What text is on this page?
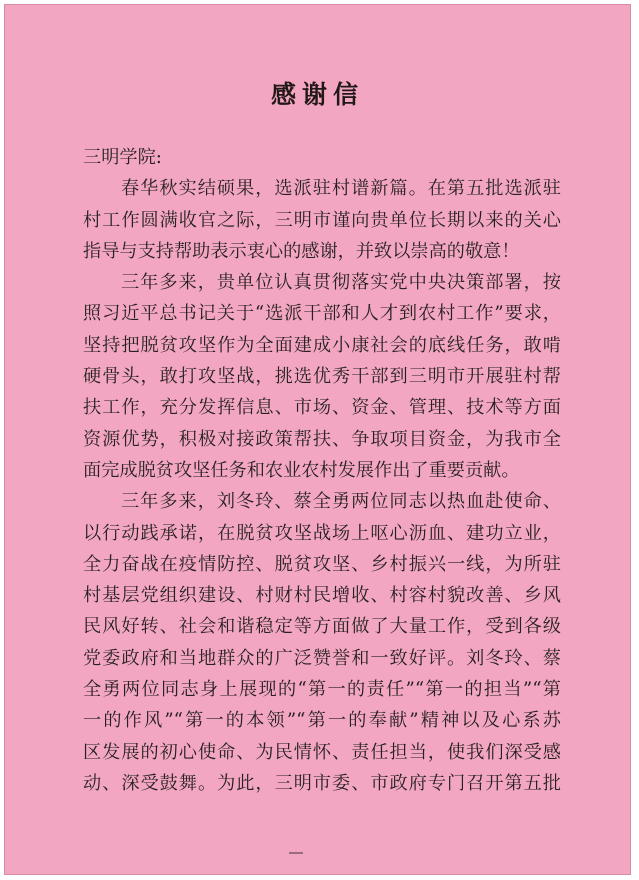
感谢信
三明学院:
春华秋实结硕果，选派驻村谱新篇。在第五批选派驻
村工作圆满收官之际，三明市谨向贵单位长期以来的关心
指导与支持帮助表示衷心的感谢，并致以崇高的敬意！
三年多来，贵单位认真贯彻落实党中央决策部署，按
照习近平总书记关于“选派干部和人才到农村工作”要求，
坚持把脱贫攻坚作为全面建成小康社会的底线任务，敢啃
硬骨头，敢打攻坚战，挑选优秀干部到三明市开展驻村帮
扶工作，充分发挥信息、市场、资金、管理、技术等方面
资源优势，积极对接政策帮扶、争取项目资金，为我市全
面完成脱贫攻坚任务和农业农村发展作出了重要贡献。
三年多来，刘冬玲、蔡全勇两位同志以热血赴使命、
以行动践承诺，在脱贫攻坚战场上呕心沥血、建功立业，
全力奋战在疫情防控、脱贫攻坚、乡村振兴一线，为所驻
村基层党组织建设、村财村民增收、村容村貌改善、乡风
民风好转、社会和谐稳定等方面做了大量工作，受到各级
党委政府和当地群众的广泛赞誉和一致好评。刘冬玲、蔡
全勇两位同志身上展现的“第一的责任”“第一的担当”“第
一的作风”“第一的本领”“第一的奉献”精神以及心系苏
区发展的初心使命、为民情怀、责任担当，使我们深受感
动、深受鼓舞。为此，三明市委、市政府专门召开第五批
